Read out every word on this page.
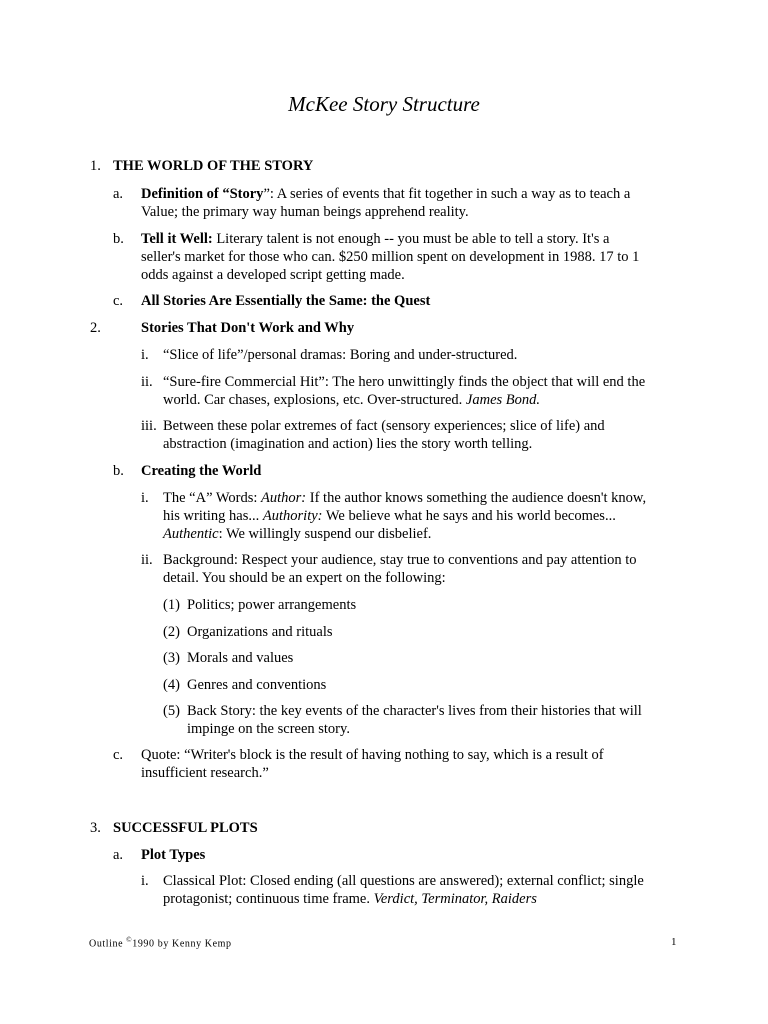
McKee Story Structure
1. THE WORLD OF THE STORY
a. Definition of “Story”: A series of events that fit together in such a way as to teach a
Value; the primary way human beings apprehend reality.
b. Tell it Well: Literary talent is not enough -- you must be able to tell a story. It's a
seller's market for those who can. $250 million spent on development in 1988. 17 to 1
odds against a developed script getting made.
c. All Stories Are Essentially the Same: the Quest
2.	Stories That Don't Work and Why
i. “Slice of life”/personal dramas: Boring and under-structured.
ii. “Sure-fire Commercial Hit”: The hero unwittingly finds the object that will end the
world. Car chases, explosions, etc. Over-structured. James Bond.
iii. Between these polar extremes of fact (sensory experiences; slice of life) and
abstraction (imagination and action) lies the story worth telling.
b. Creating the World
i. The “A” Words: Author: If the author knows something the audience doesn't know,
his writing has... Authority: We believe what he says and his world becomes...
Authentic: We willingly suspend our disbelief.
ii. Background: Respect your audience, stay true to conventions and pay attention to
detail. You should be an expert on the following:
(1) Politics; power arrangements
(2) Organizations and rituals
(3) Morals and values
(4) Genres and conventions
(5) Back Story: the key events of the character's lives from their histories that will
impinge on the screen story.
c. Quote: “Writer's block is the result of having nothing to say, which is a result of
insufficient research.”
3. SUCCESSFUL PLOTS
a. Plot Types
i. Classical Plot: Closed ending (all questions are answered); external conflict; single
protagonist; continuous time frame. Verdict, Terminator, Raiders
Outline ©1990 by Kenny Kemp	1
